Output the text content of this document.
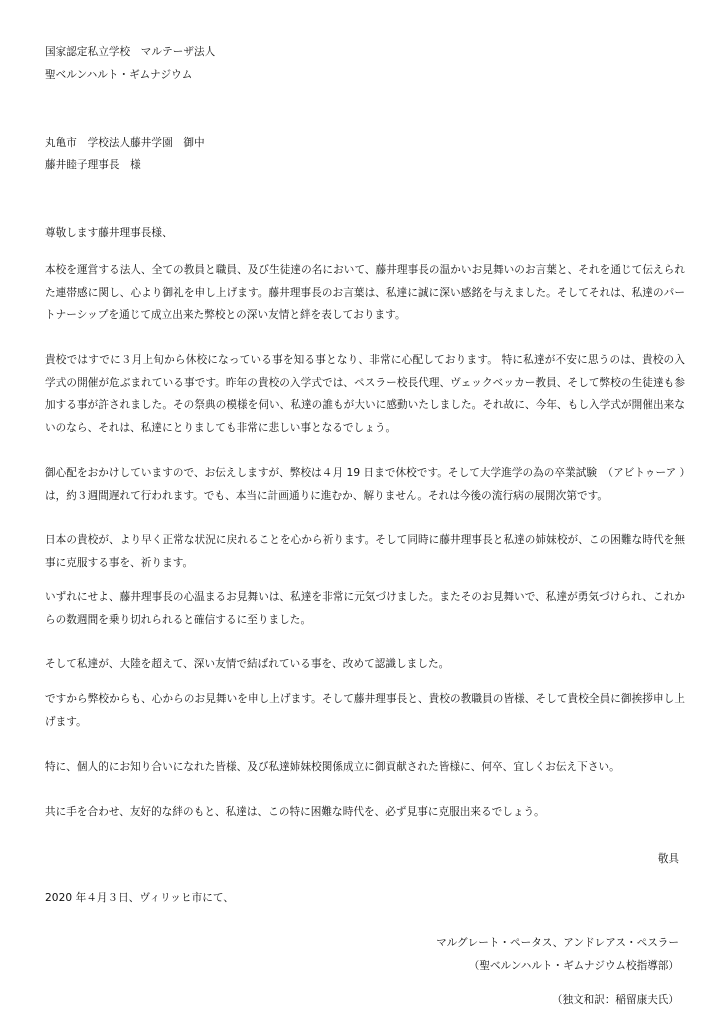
国家認定私立学校　マルテーザ法人
聖ベルンハルト・ギムナジウム
丸亀市　学校法人藤井学園　御中
藤井睦子理事長　様
尊敬します藤井理事長様、
本校を運営する法人、全ての教員と職員、及び生徒達の名において、藤井理事長の温かいお見舞いのお言葉と、それを通じて伝えられた連帯感に関し、心より御礼を申し上げます。藤井理事長のお言葉は、私達に誠に深い感銘を与えました。そしてそれは、私達のパートナーシップを通じて成立出来た弊校との深い友情と絆を表しております。
貴校ではすでに３月上旬から休校になっている事を知る事となり、非常に心配しております。 特に私達が不安に思うのは、貴校の入学式の開催が危ぶまれている事です。昨年の貴校の入学式では、ペスラー校長代理、ヴェックベッカー教員、そして弊校の生徒達も参加する事が許されました。その祭典の模様を伺い、私達の誰もが大いに感動いたしました。それ故に、今年、もし入学式が開催出来ないのなら、それは、私達にとりましても非常に悲しい事となるでしょう。
御心配をおかけしていますので、お伝えしますが、弊校は４月 19 日まで休校です。そして大学進学の為の卒業試験　（アビトゥーア ）は，約３週間遅れて行われます。でも、本当に計画通りに進むか、解りません。それは今後の流行病の展開次第です。
日本の貴校が、より早く正常な状況に戻れることを心から祈ります。そして同時に藤井理事長と私達の姉妹校が、この困難な時代を無事に克服する事を、祈ります。
いずれにせよ、藤井理事長の心温まるお見舞いは、私達を非常に元気づけました。またそのお見舞いで、私達が勇気づけられ、これからの数週間を乗り切れられると確信するに至りました。
そして私達が、大陸を超えて、深い友情で結ばれている事を、改めて認識しました。
ですから弊校からも、心からのお見舞いを申し上げます。そして藤井理事長と、貴校の教職員の皆様、そして貴校全員に御挨拶申し上げます。
特に、個人的にお知り合いになれた皆様、及び私達姉妹校関係成立に御貢献された皆様に、何卒、宜しくお伝え下さい。
共に手を合わせ、友好的な絆のもと、私達は、この特に困難な時代を、必ず見事に克服出来るでしょう。
敬具
2020 年４月３日、ヴィリッヒ市にて、
マルグレート・ペータス、アンドレアス・ペスラー
（聖ベルンハルト・ギムナジウム校指導部）
（独文和訳：稲留康夫氏）
